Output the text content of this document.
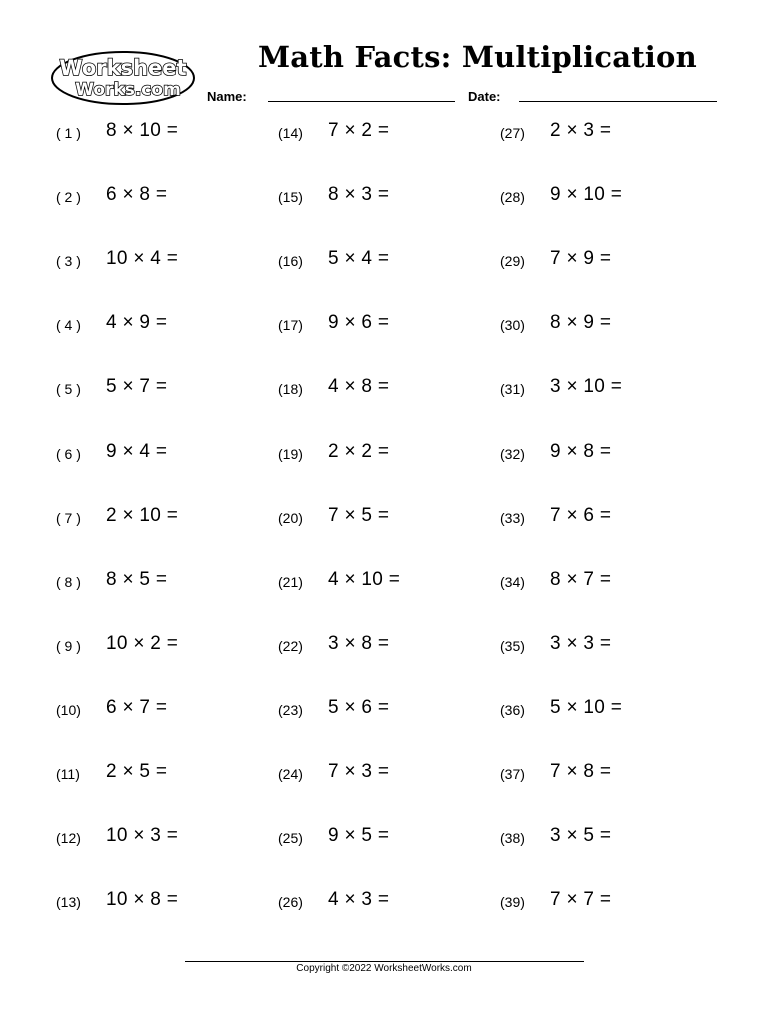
Worksheet
Works.com
Math Facts: Multiplication
Name:	Date:
( 1 ) 8 × 10 =
( 2 ) 6 × 8 =
( 3 ) 10 × 4 =
( 4 ) 4 × 9 =
( 5 ) 5 × 7 =
( 6 ) 9 × 4 =
( 7 ) 2 × 10 =
( 8 ) 8 × 5 =
( 9 ) 10 × 2 =
(10) 6 × 7 =
(11) 2 × 5 =
(12) 10 × 3 =
(13) 10 × 8 =
(14) 7 × 2 =
(15) 8 × 3 =
(16) 5 × 4 =
(17) 9 × 6 =
(18) 4 × 8 =
(19) 2 × 2 =
(20) 7 × 5 =
(21) 4 × 10 =
(22) 3 × 8 =
(23) 5 × 6 =
(24) 7 × 3 =
(25) 9 × 5 =
(26) 4 × 3 =
(27) 2 × 3 =
(28) 9 × 10 =
(29) 7 × 9 =
(30) 8 × 9 =
(31) 3 × 10 =
(32) 9 × 8 =
(33) 7 × 6 =
(34) 8 × 7 =
(35) 3 × 3 =
(36) 5 × 10 =
(37) 7 × 8 =
(38) 3 × 5 =
(39) 7 × 7 =
Copyright ©2022 WorksheetWorks.com
